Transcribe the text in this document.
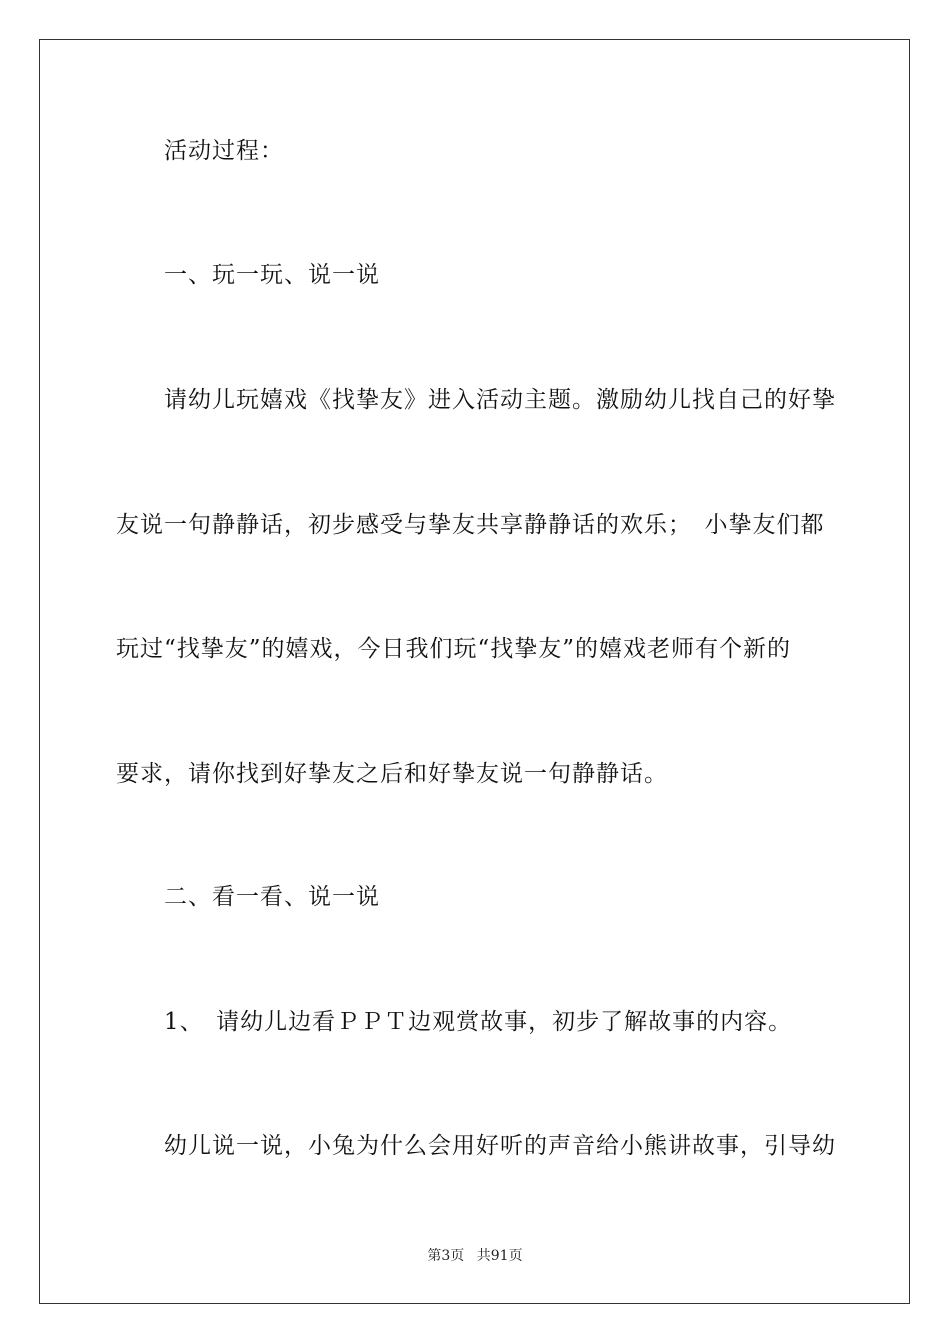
活动过程：
一、玩一玩、说一说
请幼儿玩嬉戏《找挚友》进入活动主题。激励幼儿找自己的好挚
友说一句静静话，初步感受与挚友共享静静话的欢乐；　小挚友们都
玩过“找挚友”的嬉戏，今日我们玩“找挚友”的嬉戏老师有个新的
要求，请你找到好挚友之后和好挚友说一句静静话。
二、看一看、说一说
1、　请幼儿边看ＰＰＴ边观赏故事，初步了解故事的内容。
幼儿说一说，小兔为什么会用好听的声音给小熊讲故事，引导幼
第3页 共91页
